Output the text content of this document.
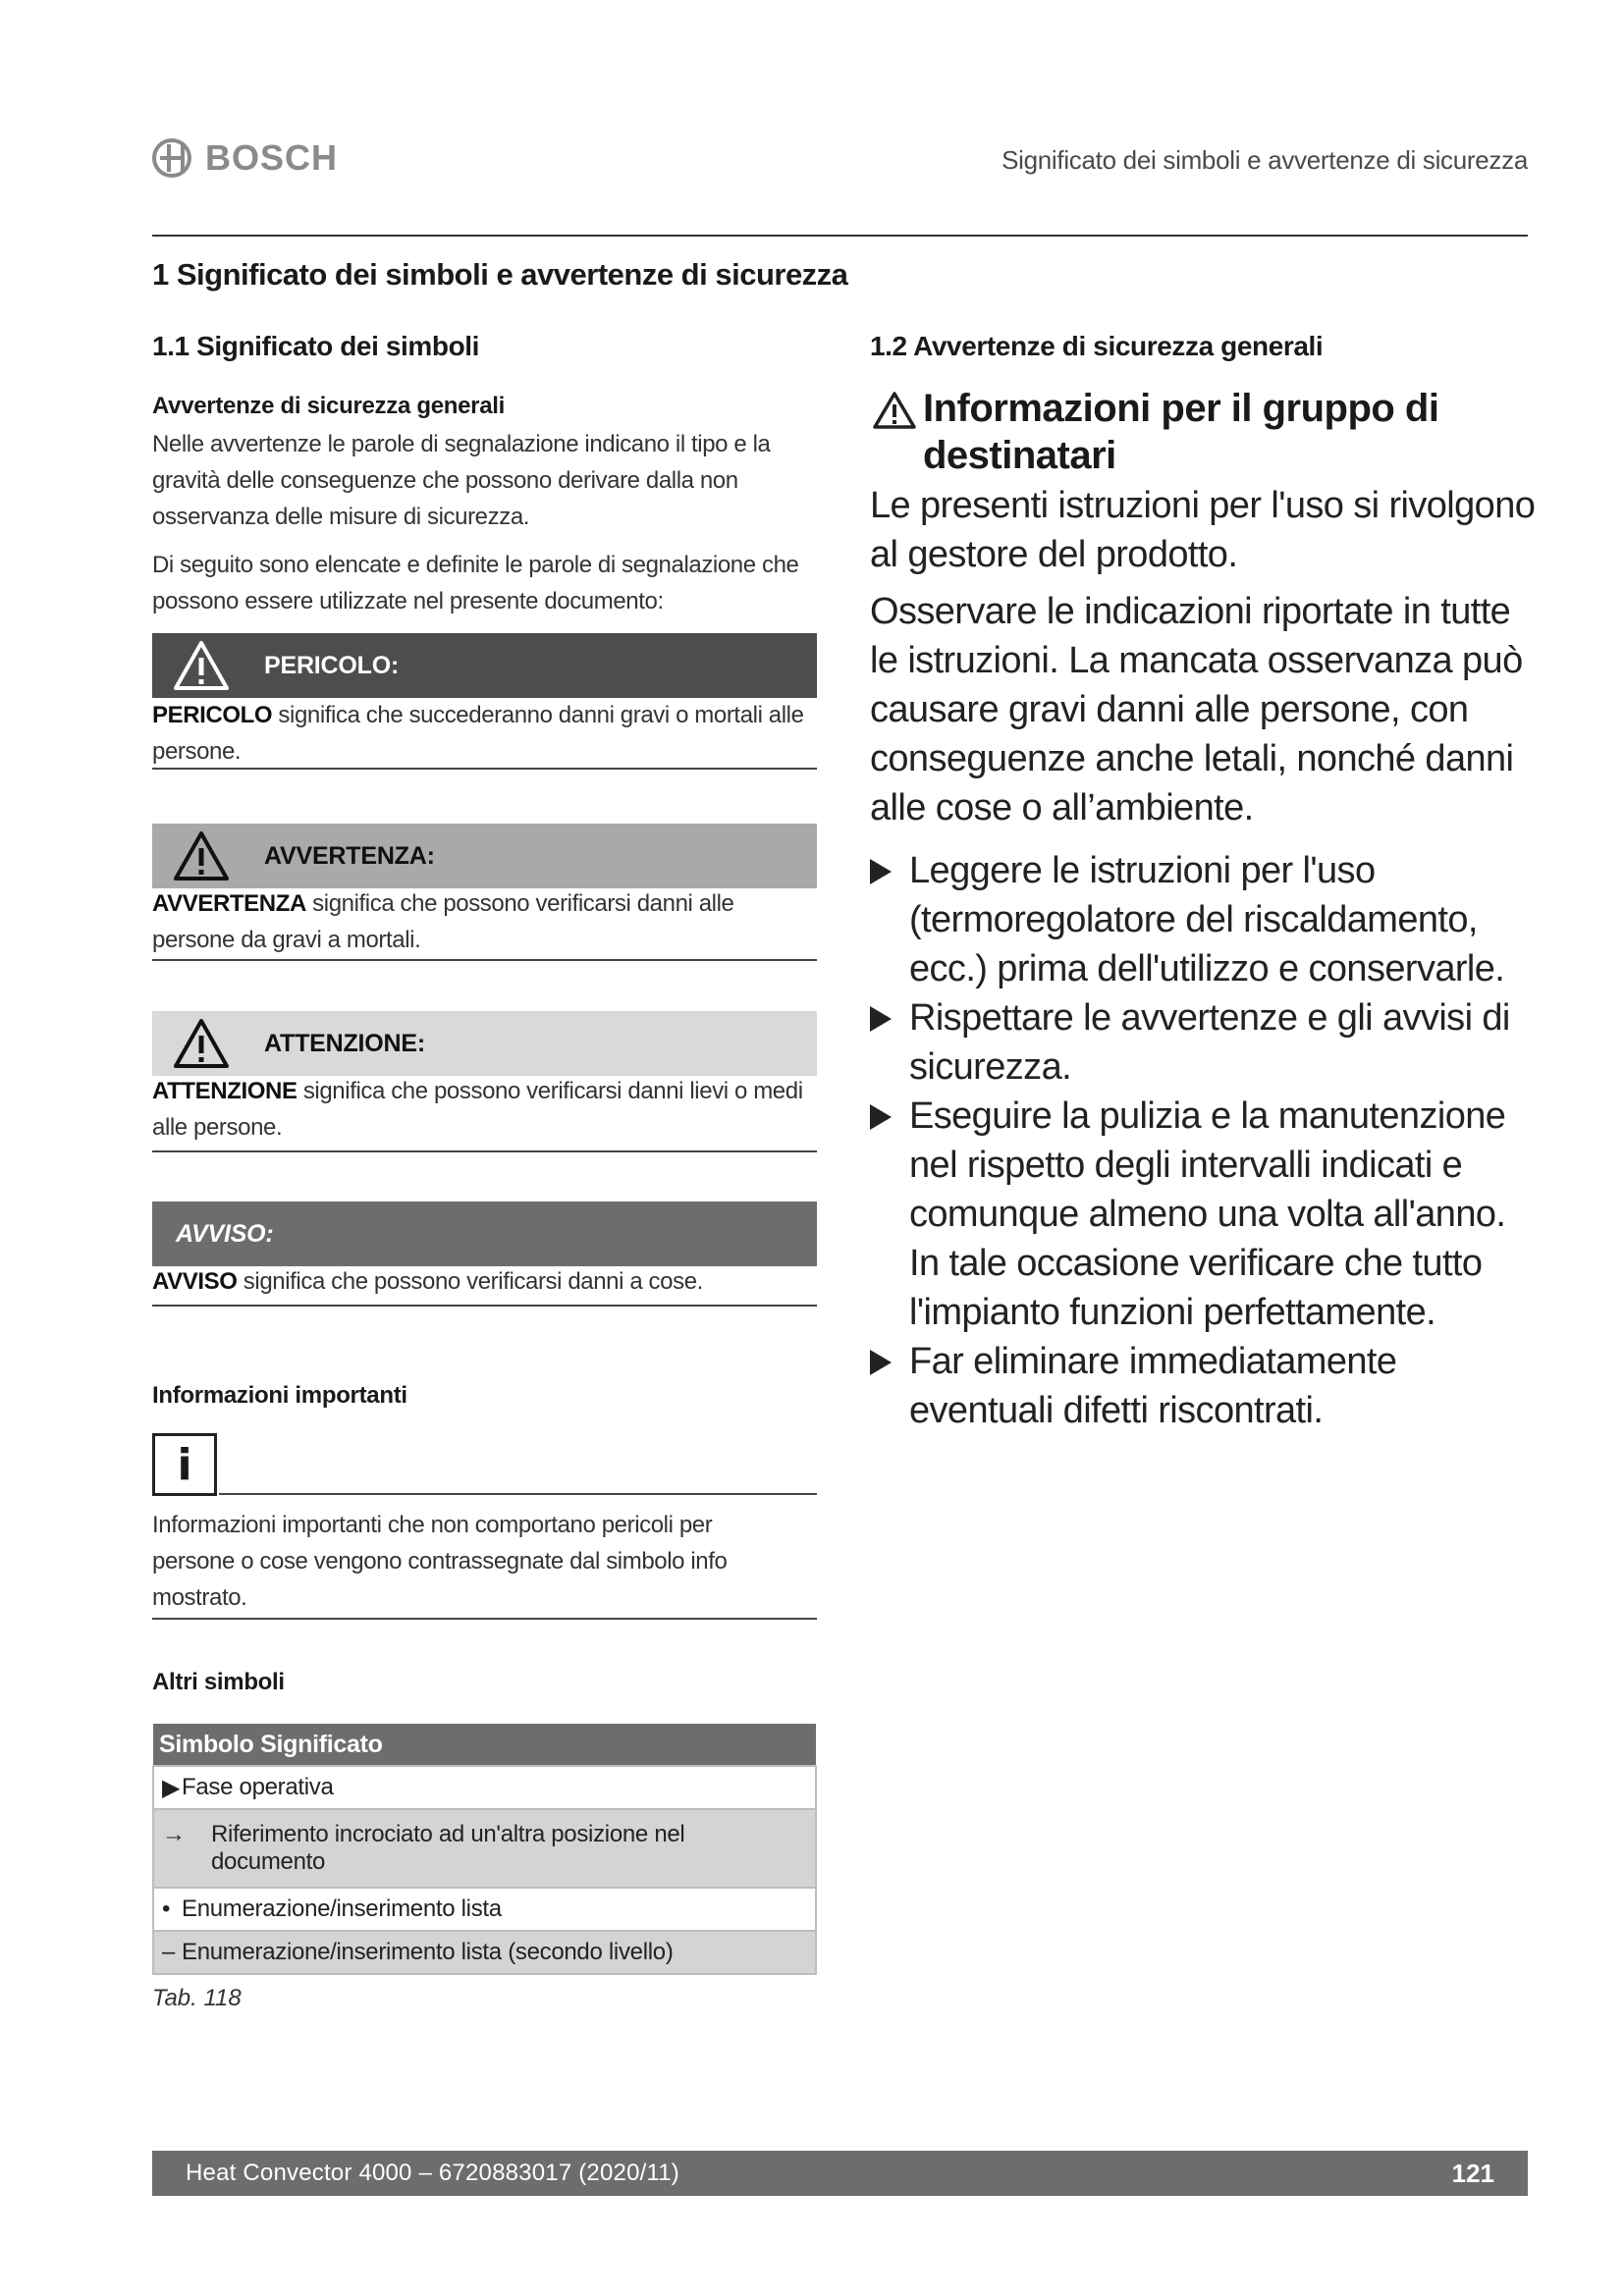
BOSCH	Significato dei simboli e avvertenze di sicurezza
1 Significato dei simboli e avvertenze di sicurezza
1.1 Significato dei simboli
Avvertenze di sicurezza generali
Nelle avvertenze le parole di segnalazione indicano il tipo e la gravità delle conseguenze che possono derivare dalla non osservanza delle misure di sicurezza.
Di seguito sono elencate e definite le parole di segnalazione che possono essere utilizzate nel presente documento:
PERICOLO:
PERICOLO significa che succederanno danni gravi o mortali alle persone.
AVVERTENZA:
AVVERTENZA significa che possono verificarsi danni alle persone da gravi a mortali.
ATTENZIONE:
ATTENZIONE significa che possono verificarsi danni lievi o medi alle persone.
AVVISO:
AVVISO significa che possono verificarsi danni a cose.
Informazioni importanti
i
Informazioni importanti che non comportano pericoli per persone o cose vengono contrassegnate dal simbolo info mostrato.
Altri simboli
Simbolo Significato
▶Fase operativa
→ Riferimento incrociato ad un'altra posizione nel documento
• Enumerazione/inserimento lista
– Enumerazione/inserimento lista (secondo livello)
Tab. 118
1.2 Avvertenze di sicurezza generali
Informazioni per il gruppo di destinatari
Le presenti istruzioni per l'uso si rivolgono al gestore del prodotto.
Osservare le indicazioni riportate in tutte le istruzioni. La mancata osservanza può causare gravi danni alle persone, con conseguenze anche letali, nonché danni alle cose o all’ambiente.
Leggere le istruzioni per l'uso (termoregolatore del riscaldamento, ecc.) prima dell'utilizzo e conservarle.
Rispettare le avvertenze e gli avvisi di sicurezza.
Eseguire la pulizia e la manutenzione nel rispetto degli intervalli indicati e comunque almeno una volta all'anno. In tale occasione verificare che tutto l'impianto funzioni perfettamente.
Far eliminare immediatamente eventuali difetti riscontrati.
Heat Convector 4000 – 6720883017 (2020/11)	121
